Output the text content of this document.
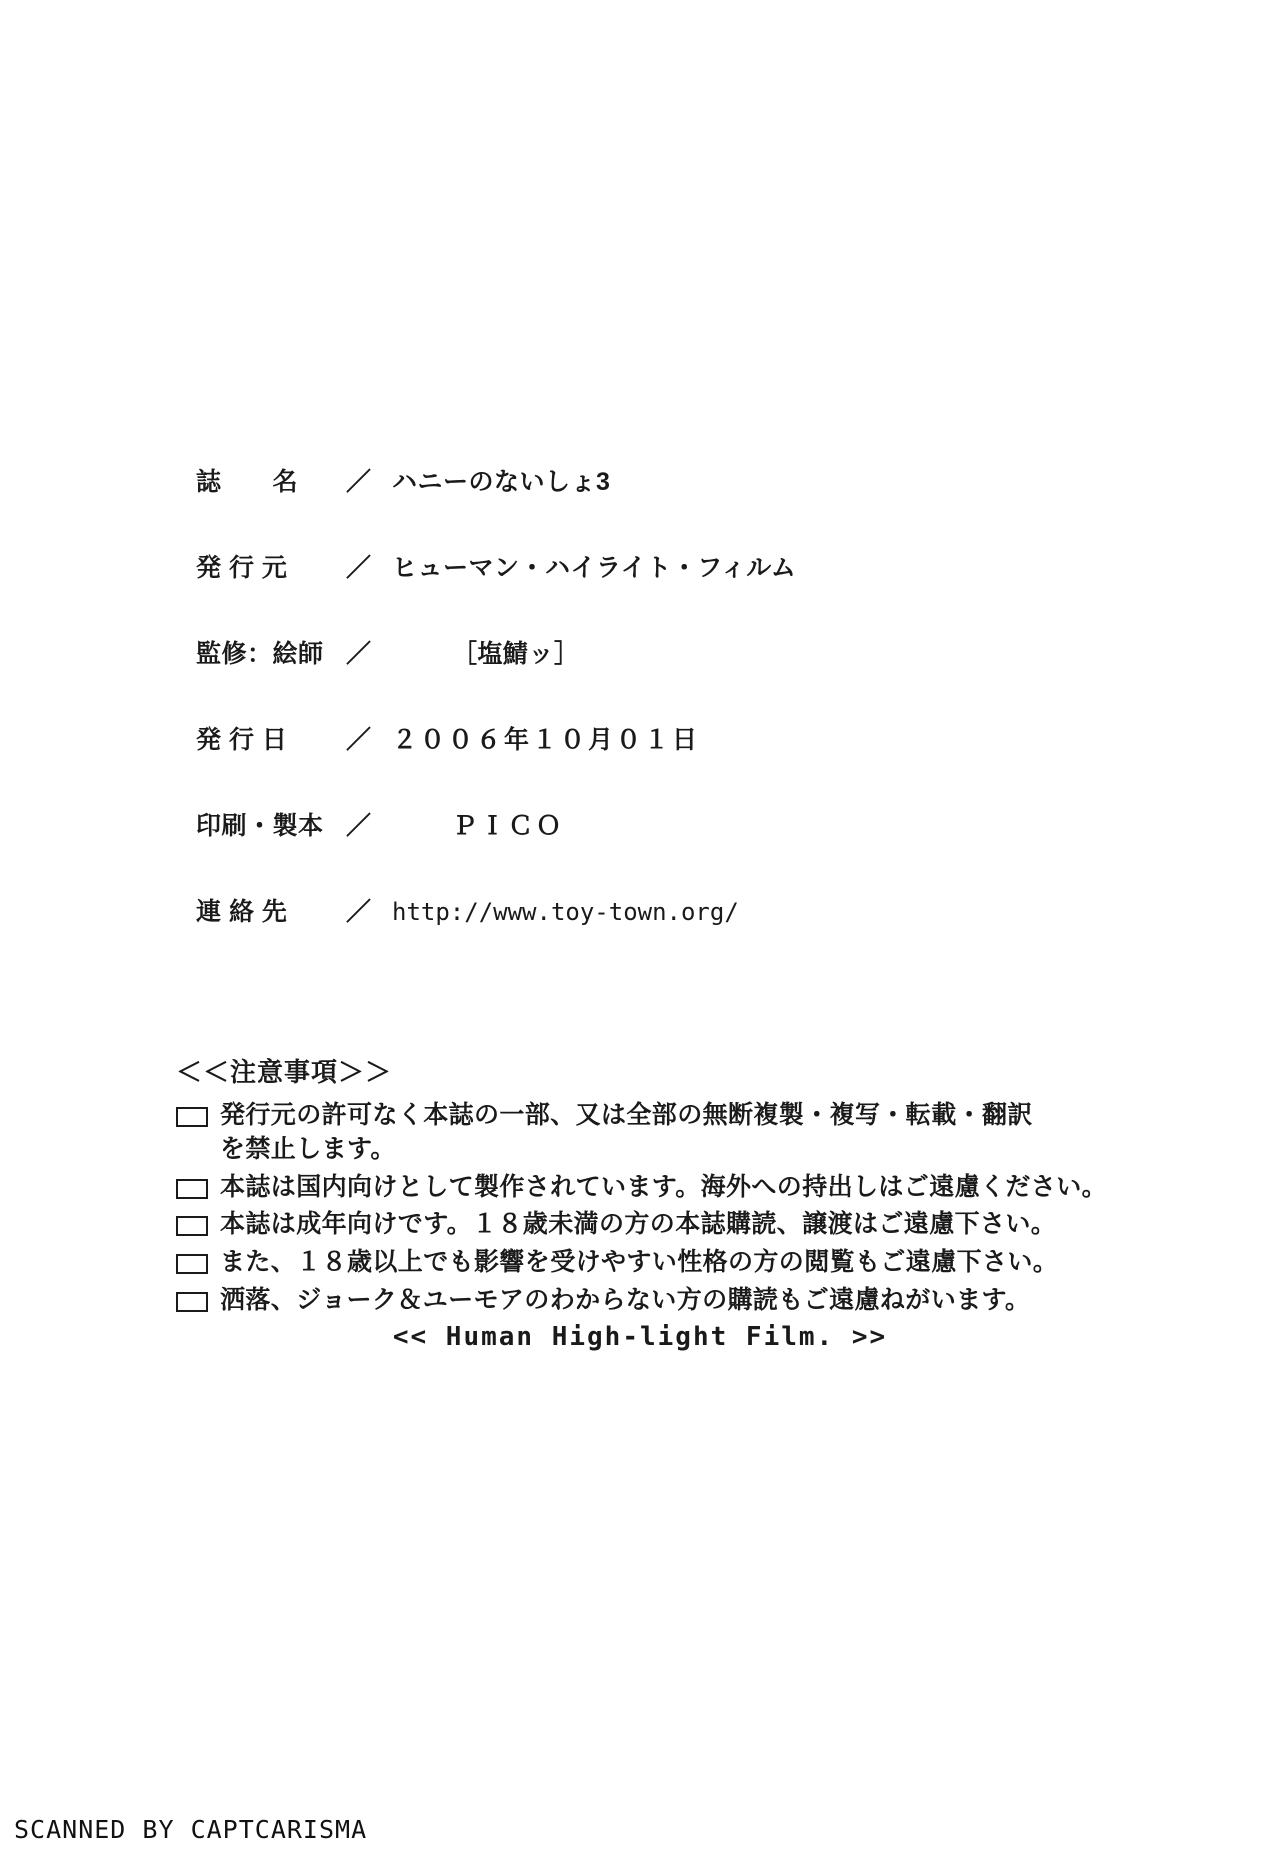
誌　　名	／ ハニーのないしょ3
発 行 元	／ ヒューマン・ハイライト・フィルム
監修：絵師 ／	［塩鯖ッ］
発 行 日	／ ２００６年１０月０１日
印刷・製本 ／	ＰＩＣＯ
連 絡 先	／ http://www.toy-town.org/
＜＜注意事項＞＞
発行元の許可なく本誌の一部、又は全部の無断複製・複写・転載・翻訳
を禁止します。
本誌は国内向けとして製作されています。海外への持出しはご遠慮ください。
本誌は成年向けです。１８歳未満の方の本誌購読、譲渡はご遠慮下さい。
また、１８歳以上でも影響を受けやすい性格の方の閲覧もご遠慮下さい。
洒落、ジョーク＆ユーモアのわからない方の購読もご遠慮ねがいます。
<< Human High-light Film. >>
SCANNED BY CAPTCARISMA
